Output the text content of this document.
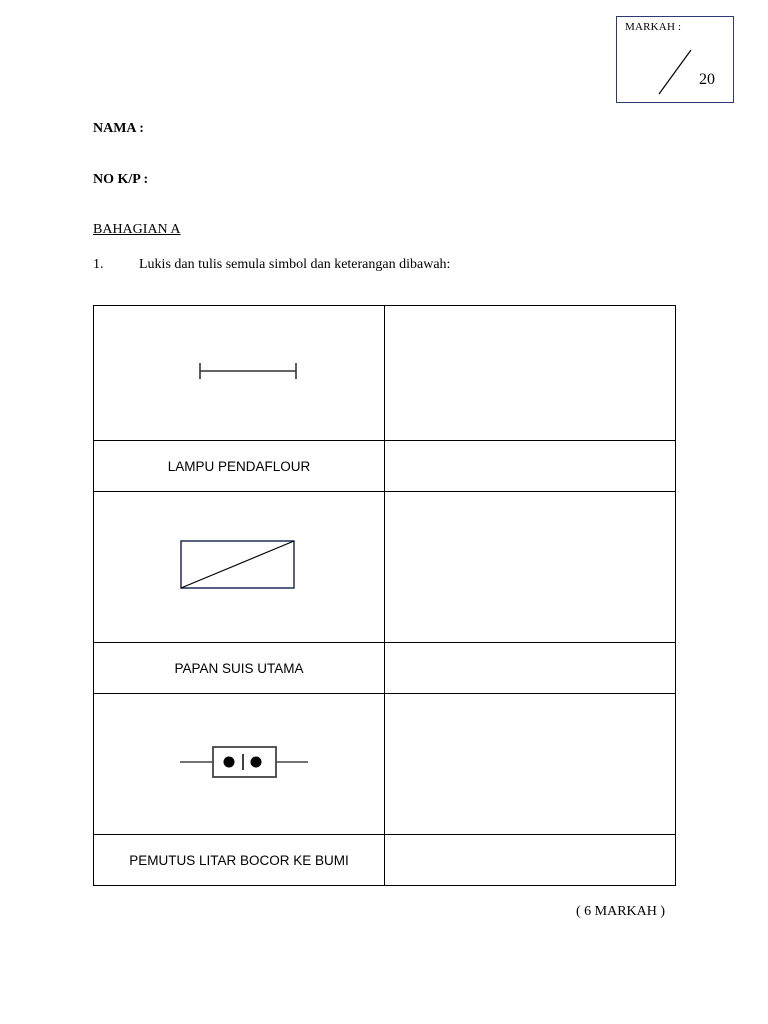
MARKAH :
20
NAMA :
NO K/P :
BAHAGIAN A
1.	Lukis dan tulis semula simbol dan keterangan dibawah:

LAMPU PENDAFLOUR	

PAPAN SUIS UTAMA	

PEMUTUS LITAR BOCOR KE BUMI	
( 6 MARKAH )
